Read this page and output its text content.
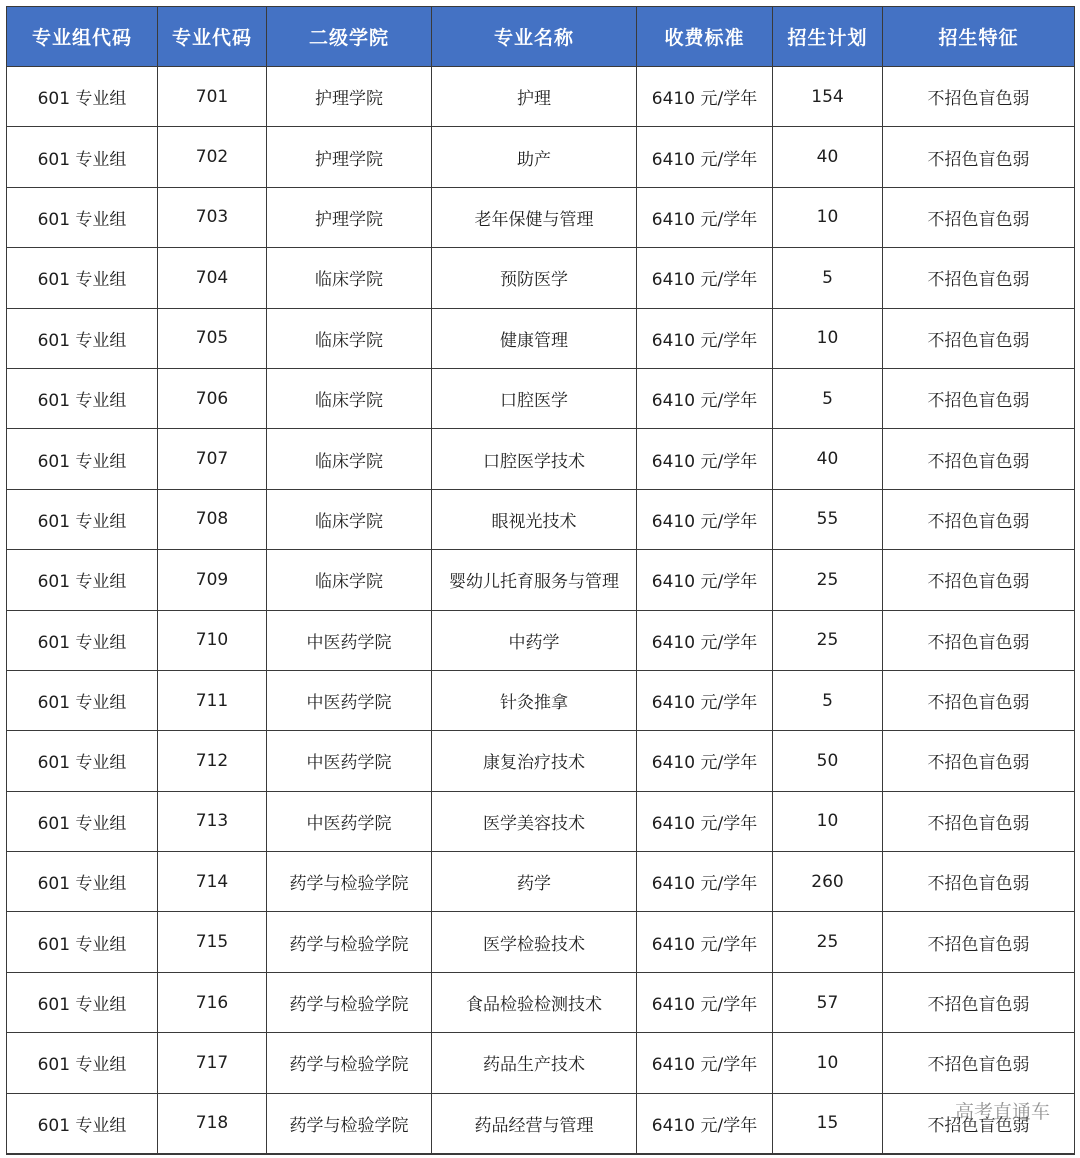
专业组代码	专业代码	二级学院	专业名称	收费标准	招生计划	招生特征
601 专业组	701	护理学院	护理	6410 元/学年	154	不招色盲色弱
601 专业组	702	护理学院	助产	6410 元/学年	40	不招色盲色弱
601 专业组	703	护理学院	老年保健与管理	6410 元/学年	10	不招色盲色弱
601 专业组	704	临床学院	预防医学	6410 元/学年	5	不招色盲色弱
601 专业组	705	临床学院	健康管理	6410 元/学年	10	不招色盲色弱
601 专业组	706	临床学院	口腔医学	6410 元/学年	5	不招色盲色弱
601 专业组	707	临床学院	口腔医学技术	6410 元/学年	40	不招色盲色弱
601 专业组	708	临床学院	眼视光技术	6410 元/学年	55	不招色盲色弱
601 专业组	709	临床学院	婴幼儿托育服务与管理	6410 元/学年	25	不招色盲色弱
601 专业组	710	中医药学院	中药学	6410 元/学年	25	不招色盲色弱
601 专业组	711	中医药学院	针灸推拿	6410 元/学年	5	不招色盲色弱
601 专业组	712	中医药学院	康复治疗技术	6410 元/学年	50	不招色盲色弱
601 专业组	713	中医药学院	医学美容技术	6410 元/学年	10	不招色盲色弱
601 专业组	714	药学与检验学院	药学	6410 元/学年	260	不招色盲色弱
601 专业组	715	药学与检验学院	医学检验技术	6410 元/学年	25	不招色盲色弱
601 专业组	716	药学与检验学院	食品检验检测技术	6410 元/学年	57	不招色盲色弱
601 专业组	717	药学与检验学院	药品生产技术	6410 元/学年	10	不招色盲色弱
601 专业组	718	药学与检验学院	药品经营与管理	6410 元/学年	15	不招色盲色弱
高考直通车
